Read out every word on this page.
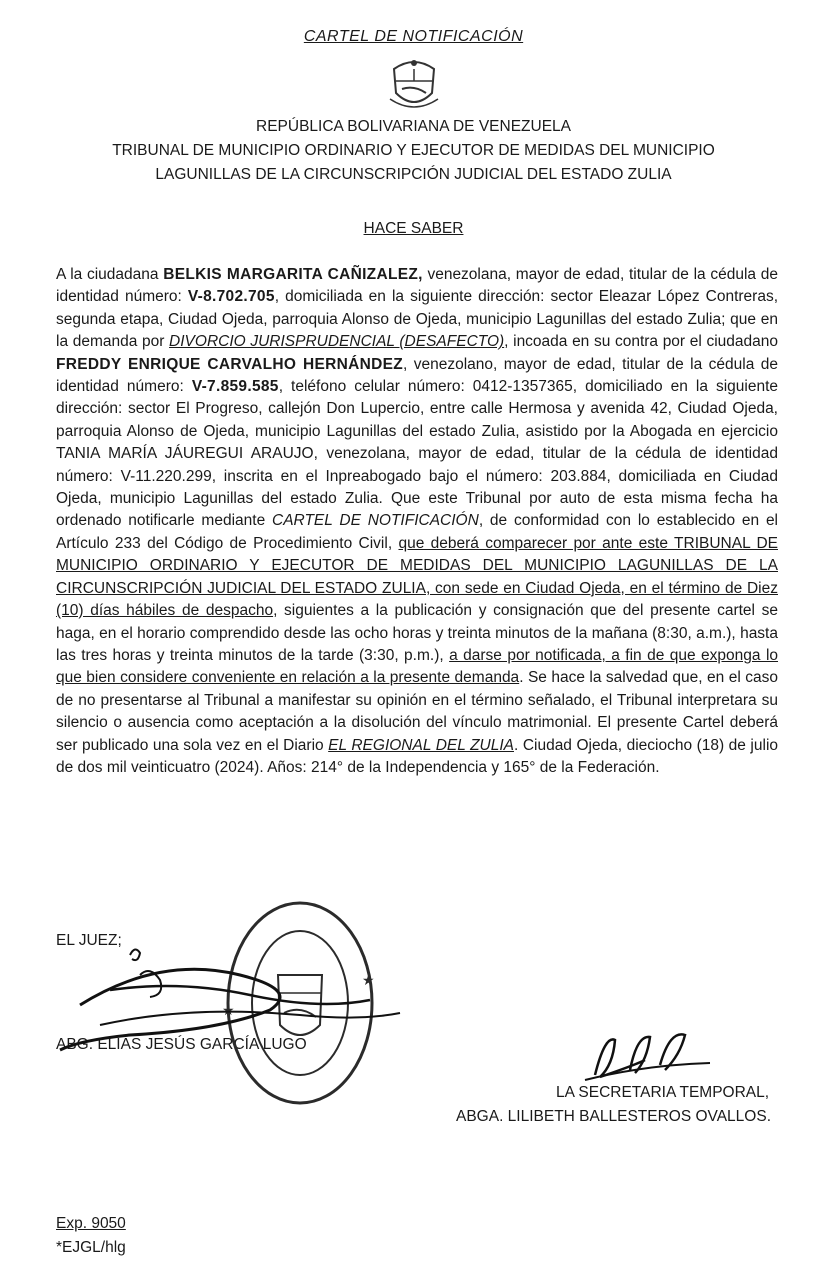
CARTEL DE NOTIFICACIÓN
REPÚBLICA BOLIVARIANA DE VENEZUELA
TRIBUNAL DE MUNICIPIO ORDINARIO Y EJECUTOR DE MEDIDAS DEL MUNICIPIO
LAGUNILLAS DE LA CIRCUNSCRIPCIÓN JUDICIAL DEL ESTADO ZULIA
HACE SABER
A la ciudadana BELKIS MARGARITA CAÑIZALEZ, venezolana, mayor de edad, titular de la cédula de identidad número: V-8.702.705, domiciliada en la siguiente dirección: sector Eleazar López Contreras, segunda etapa, Ciudad Ojeda, parroquia Alonso de Ojeda, municipio Lagunillas del estado Zulia; que en la demanda por DIVORCIO JURISPRUDENCIAL (DESAFECTO), incoada en su contra por el ciudadano FREDDY ENRIQUE CARVALHO HERNÁNDEZ, venezolano, mayor de edad, titular de la cédula de identidad número: V-7.859.585, teléfono celular número: 0412-1357365, domiciliado en la siguiente dirección: sector El Progreso, callejón Don Lupercio, entre calle Hermosa y avenida 42, Ciudad Ojeda, parroquia Alonso de Ojeda, municipio Lagunillas del estado Zulia, asistido por la Abogada en ejercicio TANIA MARÍA JÁUREGUI ARAUJO, venezolana, mayor de edad, titular de la cédula de identidad número: V-11.220.299, inscrita en el Inpreabogado bajo el número: 203.884, domiciliada en Ciudad Ojeda, municipio Lagunillas del estado Zulia. Que este Tribunal por auto de esta misma fecha ha ordenado notificarle mediante CARTEL DE NOTIFICACIÓN, de conformidad con lo establecido en el Artículo 233 del Código de Procedimiento Civil, que deberá comparecer por ante este TRIBUNAL DE MUNICIPIO ORDINARIO Y EJECUTOR DE MEDIDAS DEL MUNICIPIO LAGUNILLAS DE LA CIRCUNSCRIPCIÓN JUDICIAL DEL ESTADO ZULIA, con sede en Ciudad Ojeda, en el término de Diez (10) días hábiles de despacho, siguientes a la publicación y consignación que del presente cartel se haga, en el horario comprendido desde las ocho horas y treinta minutos de la mañana (8:30, a.m.), hasta las tres horas y treinta minutos de la tarde (3:30, p.m.), a darse por notificada, a fin de que exponga lo que bien considere conveniente en relación a la presente demanda. Se hace la salvedad que, en el caso de no presentarse al Tribunal a manifestar su opinión en el término señalado, el Tribunal interpretara su silencio o ausencia como aceptación a la disolución del vínculo matrimonial. El presente Cartel deberá ser publicado una sola vez en el Diario EL REGIONAL DEL ZULIA. Ciudad Ojeda, dieciocho (18) de julio de dos mil veinticuatro (2024). Años: 214° de la Independencia y 165° de la Federación.
EL JUEZ;
ABG. ELÍAS JESÚS GARCÍA LUGO
★
★
LA SECRETARIA TEMPORAL,
ABGA. LILIBETH BALLESTEROS OVALLOS.
Exp. 9050
*EJGL/hlg
